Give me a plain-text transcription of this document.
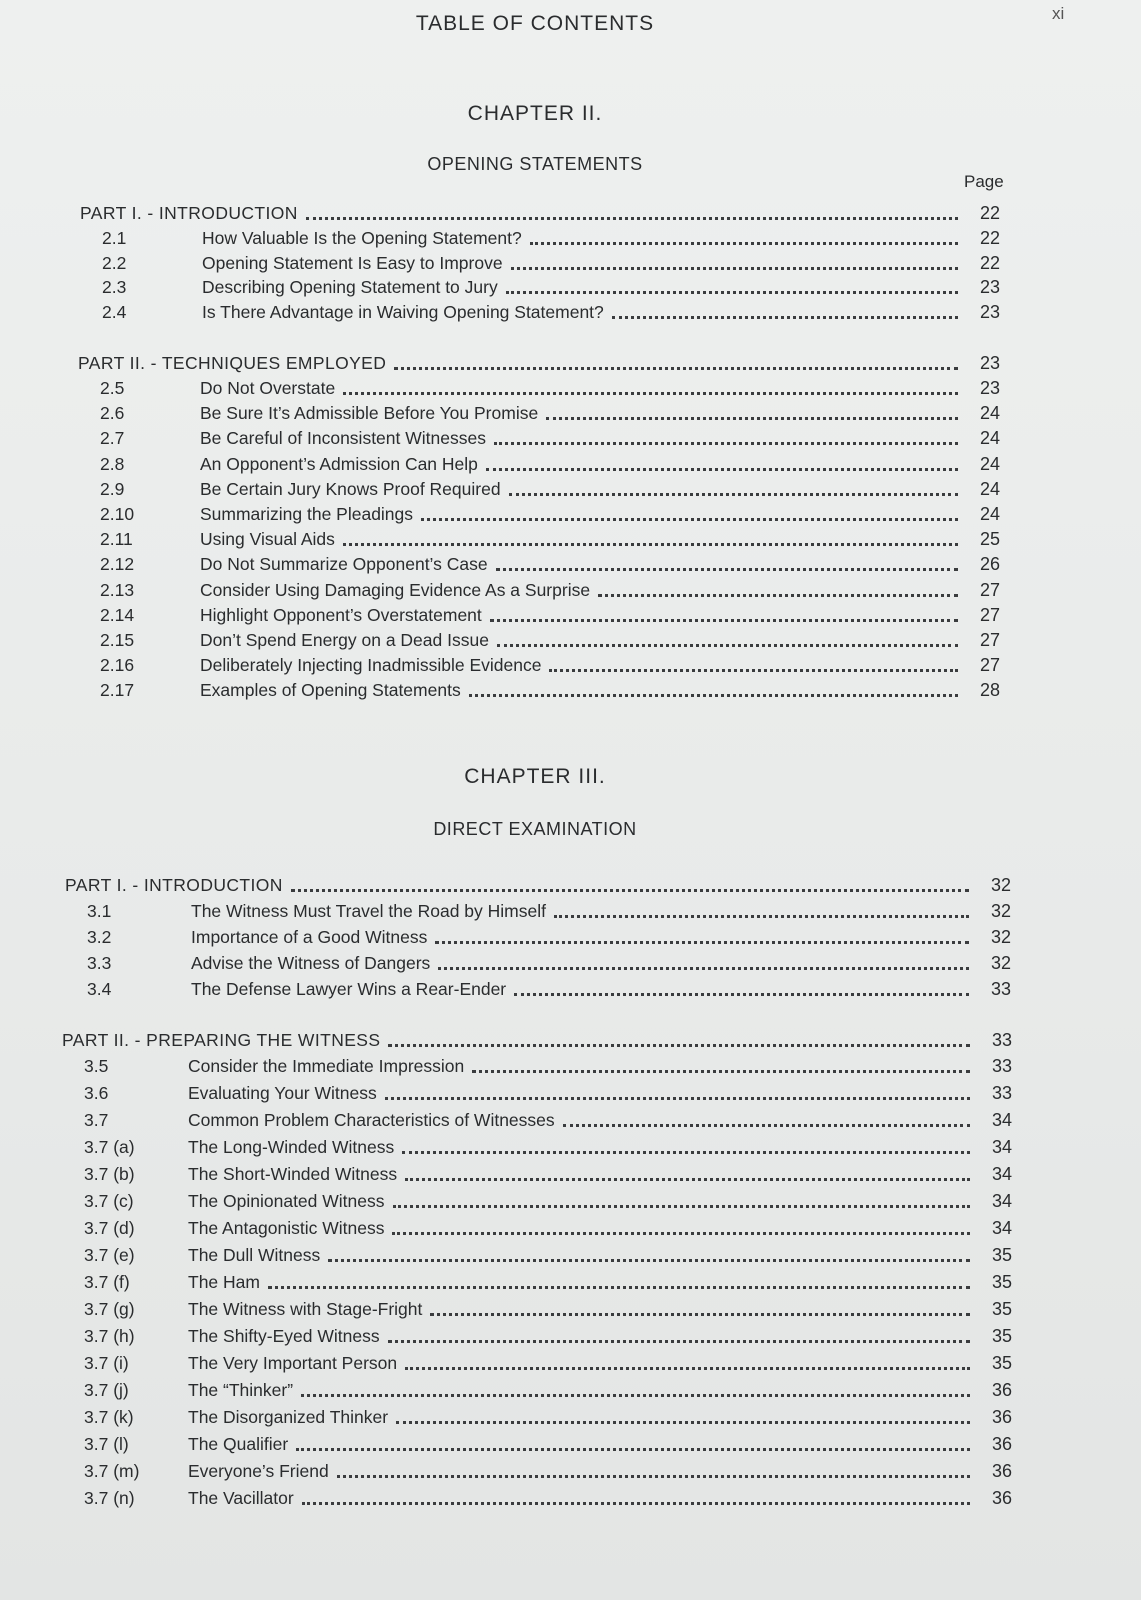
TABLE OF CONTENTS	xi
CHAPTER II.
OPENING STATEMENTS
Page
PART I. - INTRODUCTION	22
2.1	How Valuable Is the Opening Statement?	22
2.2	Opening Statement Is Easy to Improve	22
2.3	Describing Opening Statement to Jury	23
2.4	Is There Advantage in Waiving Opening Statement?	23
PART II. - TECHNIQUES EMPLOYED	23
2.5	Do Not Overstate	23
2.6	Be Sure It’s Admissible Before You Promise	24
2.7	Be Careful of Inconsistent Witnesses	24
2.8	An Opponent’s Admission Can Help	24
2.9	Be Certain Jury Knows Proof Required	24
2.10	Summarizing the Pleadings	24
2.11	Using Visual Aids	25
2.12	Do Not Summarize Opponent’s Case	26
2.13	Consider Using Damaging Evidence As a Surprise	27
2.14	Highlight Opponent’s Overstatement	27
2.15	Don’t Spend Energy on a Dead Issue	27
2.16	Deliberately Injecting Inadmissible Evidence	27
2.17	Examples of Opening Statements	28
CHAPTER III.
DIRECT EXAMINATION
PART I. - INTRODUCTION	32
3.1	The Witness Must Travel the Road by Himself	32
3.2	Importance of a Good Witness	32
3.3	Advise the Witness of Dangers	32
3.4	The Defense Lawyer Wins a Rear-Ender	33
PART II. - PREPARING THE WITNESS	33
3.5	Consider the Immediate Impression	33
3.6	Evaluating Your Witness	33
3.7	Common Problem Characteristics of Witnesses	34
3.7 (a)	The Long-Winded Witness	34
3.7 (b)	The Short-Winded Witness	34
3.7 (c)	The Opinionated Witness	34
3.7 (d)	The Antagonistic Witness	34
3.7 (e)	The Dull Witness	35
3.7 (f)	The Ham	35
3.7 (g)	The Witness with Stage-Fright	35
3.7 (h)	The Shifty-Eyed Witness	35
3.7 (i)	The Very Important Person	35
3.7 (j)	The “Thinker”	36
3.7 (k)	The Disorganized Thinker	36
3.7 (l)	The Qualifier	36
3.7 (m)	Everyone’s Friend	36
3.7 (n)	The Vacillator	36
